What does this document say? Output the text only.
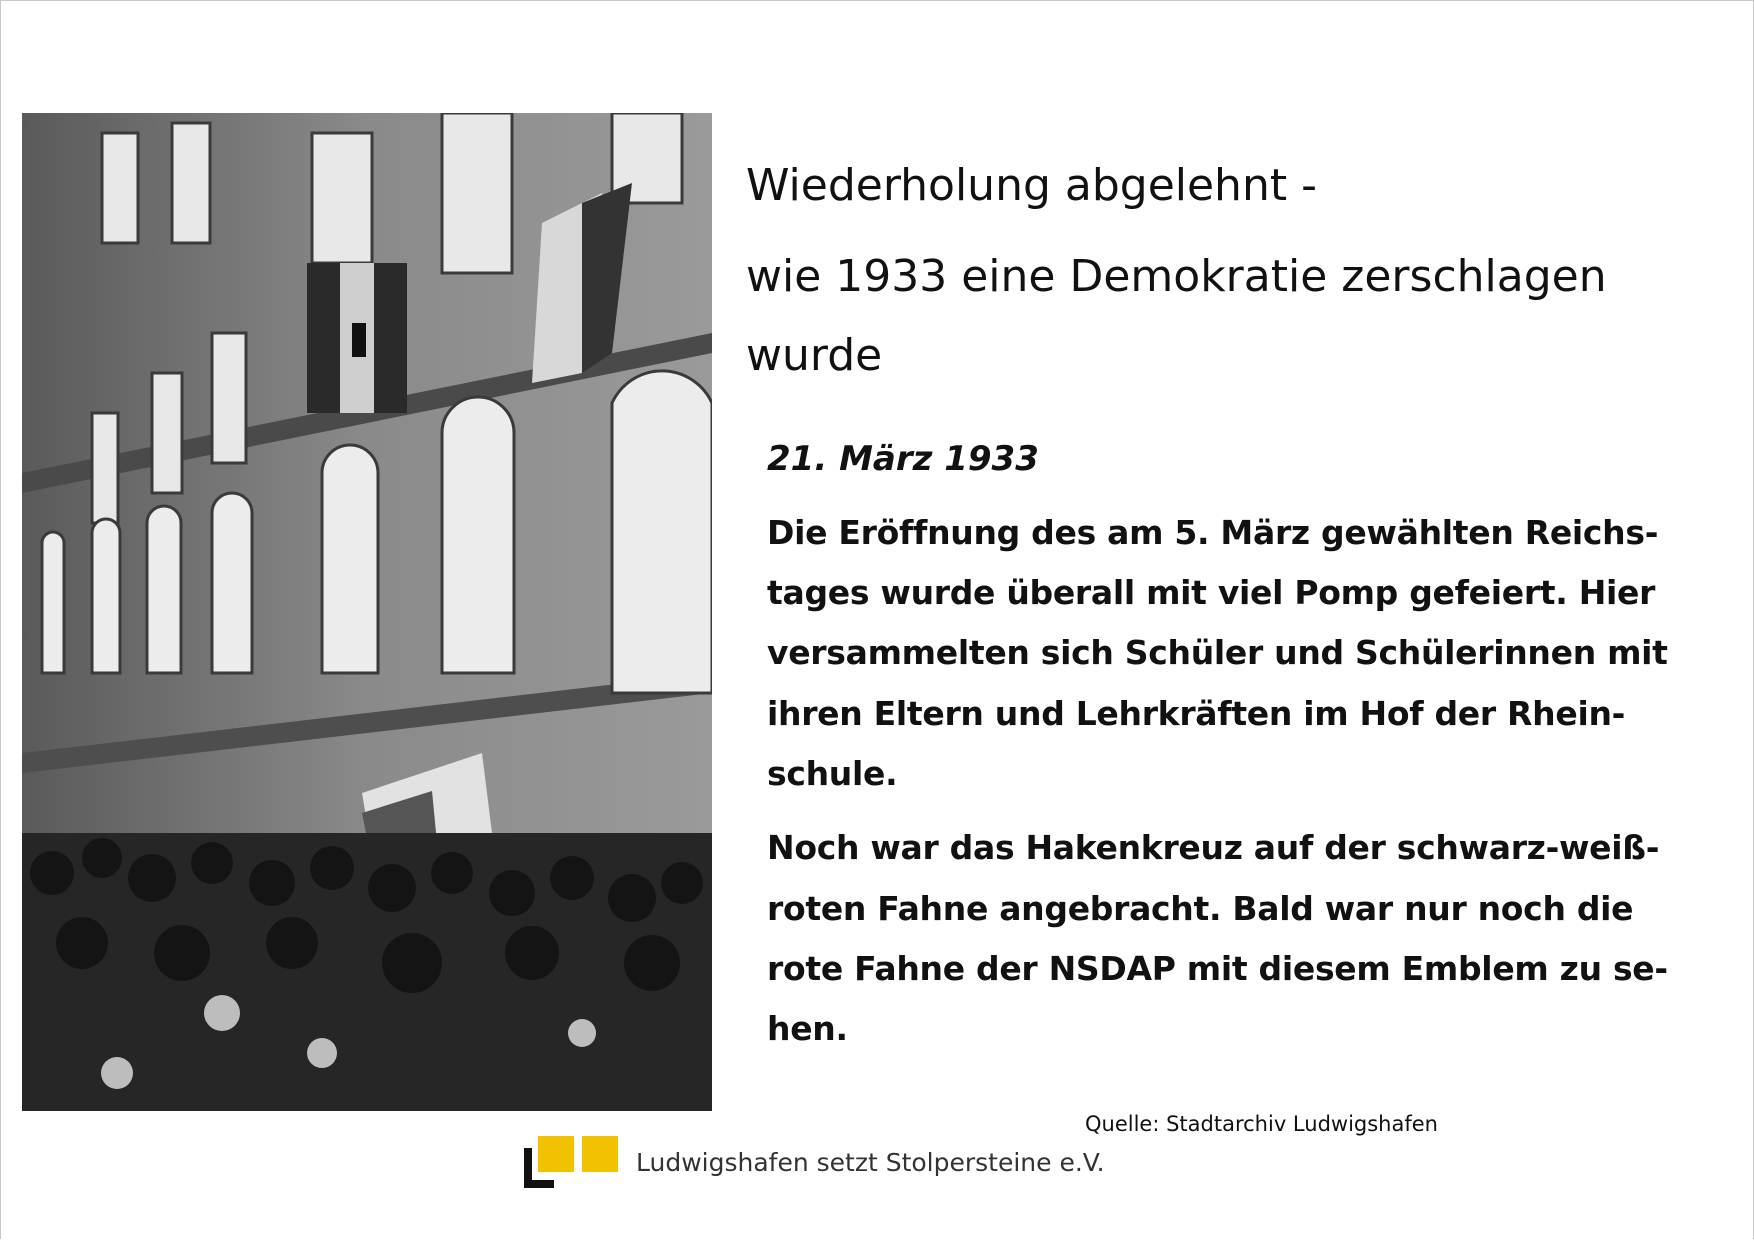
Wiederholung abgelehnt -
wie 1933 eine Demokratie zerschlagen
wurde
21. März 1933
Die Eröffnung des am 5. März gewählten Reichs-
tages wurde überall mit viel Pomp gefeiert. Hier
versammelten sich Schüler und Schülerinnen mit
ihren Eltern und Lehrkräften im Hof der Rhein-
schule.
Noch war das Hakenkreuz auf der schwarz-weiß-
roten Fahne angebracht. Bald war nur noch die
rote Fahne der NSDAP mit diesem Emblem zu se-
hen.
Quelle: Stadtarchiv Ludwigshafen
Ludwigshafen setzt Stolpersteine e.V.
